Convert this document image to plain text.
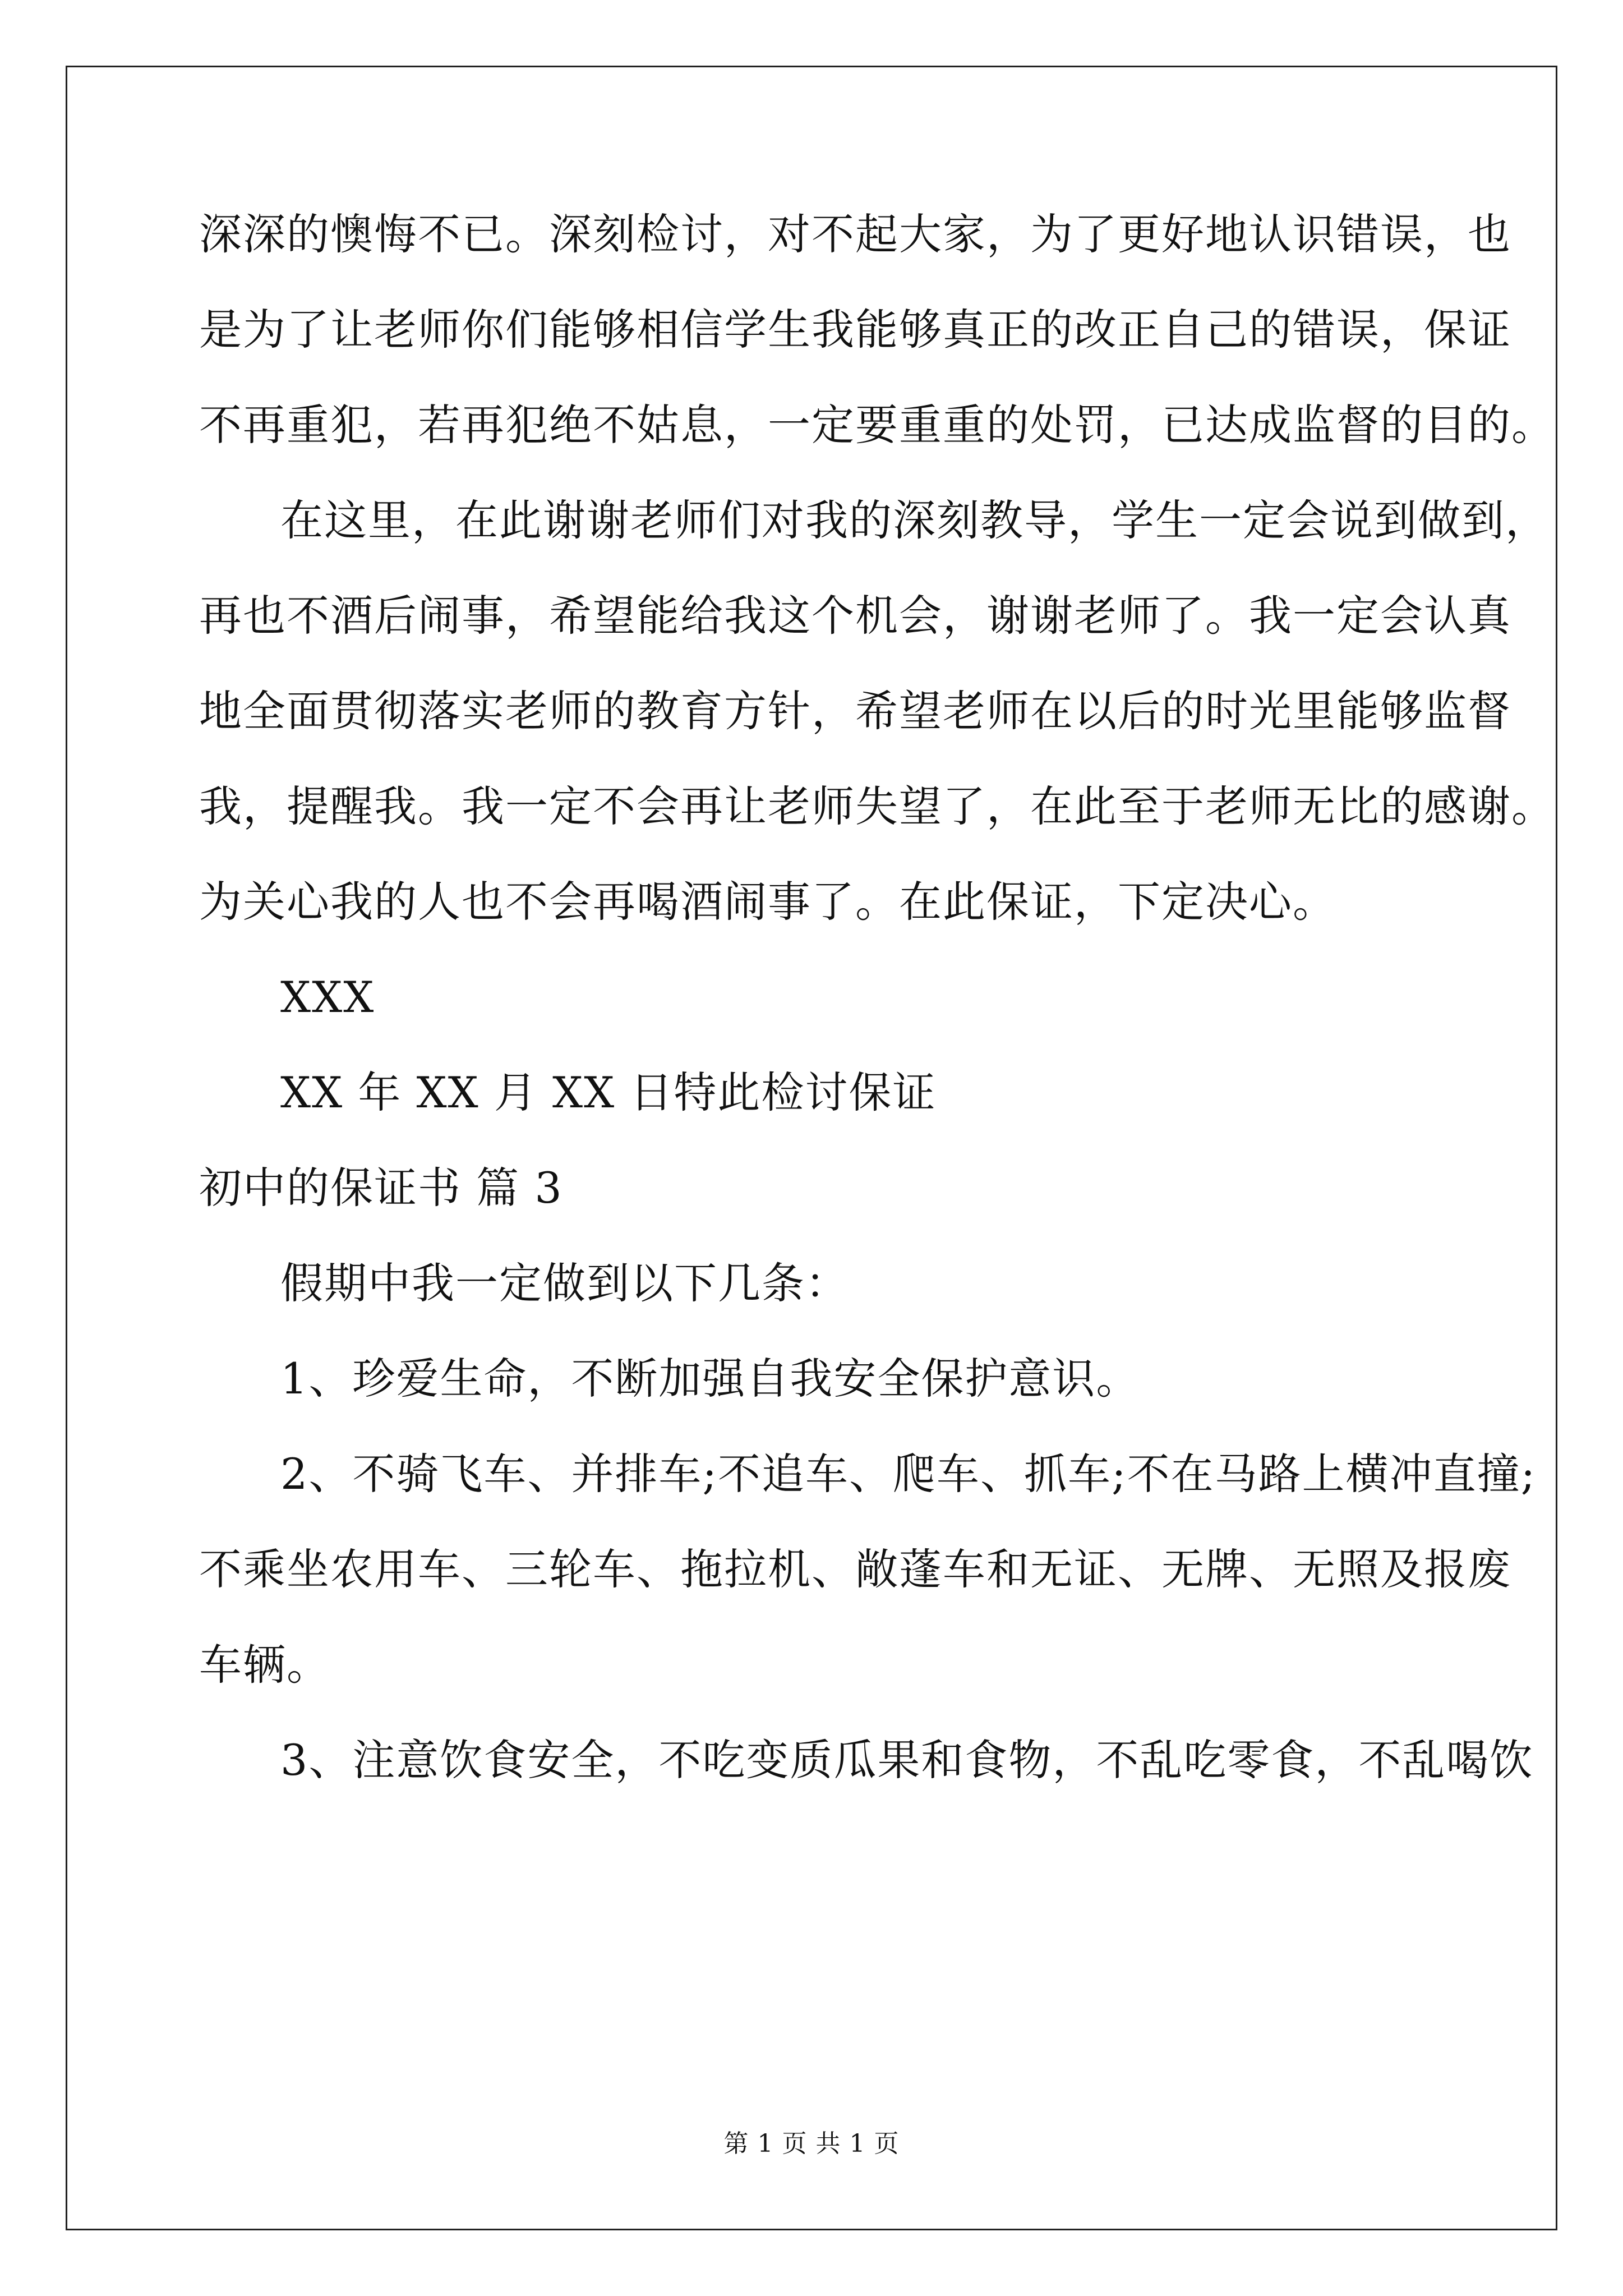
深深的懊悔不已。深刻检讨，对不起大家，为了更好地认识错误，也
是为了让老师你们能够相信学生我能够真正的改正自己的错误，保证
不再重犯，若再犯绝不姑息，一定要重重的处罚，已达成监督的目的。
在这里，在此谢谢老师们对我的深刻教导，学生一定会说到做到，
再也不酒后闹事，希望能给我这个机会，谢谢老师了。我一定会认真
地全面贯彻落实老师的教育方针，希望老师在以后的时光里能够监督
我，提醒我。我一定不会再让老师失望了，在此至于老师无比的感谢。
为关心我的人也不会再喝酒闹事了。在此保证，下定决心。
XXX
XX 年 XX 月 XX 日特此检讨保证
初中的保证书 篇 3
假期中我一定做到以下几条：
1、珍爱生命，不断加强自我安全保护意识。
2、不骑飞车、并排车;不追车、爬车、抓车;不在马路上横冲直撞;
不乘坐农用车、三轮车、拖拉机、敞蓬车和无证、无牌、无照及报废
车辆。
3、注意饮食安全，不吃变质瓜果和食物，不乱吃零食，不乱喝饮
第 1 页 共 1 页
